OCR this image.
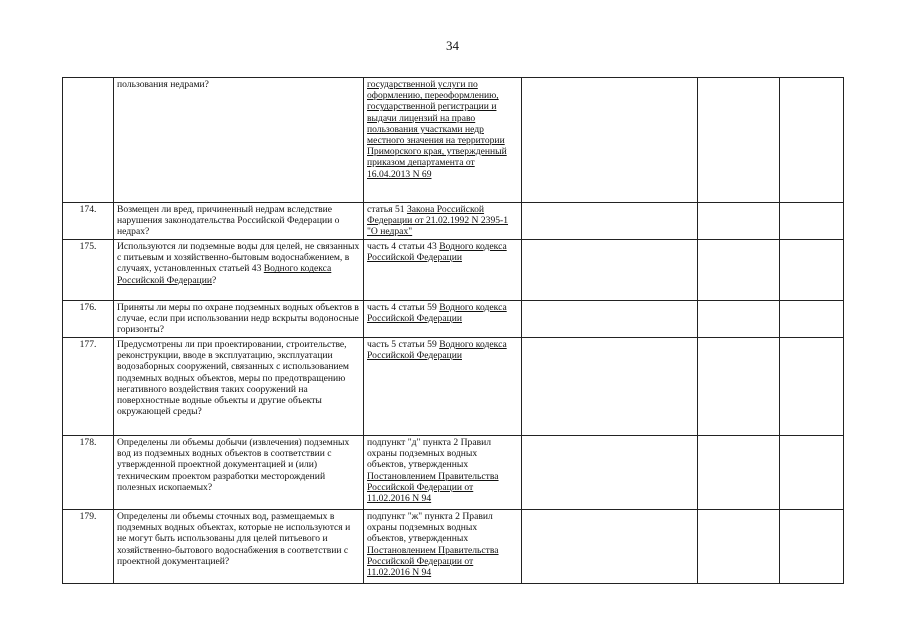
34
	пользования недрами?	государственной услуги по оформлению, переоформлению, государственной регистрации и выдачи лицензий на право пользования участками недр местного значения на территории Приморского края, утвержденный приказом департамента от 16.04.2013 N 69			
174.	Возмещен ли вред, причиненный недрам вследствие нарушения законодательства Российской Федерации о недрах?	статья 51 Закона Российской Федерации от 21.02.1992 N 2395-1 "О недрах"			
175.	Используются ли подземные воды для целей, не связанных с питьевым и хозяйственно-бытовым водоснабжением, в случаях, установленных статьей 43 Водного кодекса Российской Федерации?	часть 4 статьи 43 Водного кодекса Российской Федерации			
176.	Приняты ли меры по охране подземных водных объектов в случае, если при использовании недр вскрыты водоносные горизонты?	часть 4 статьи 59 Водного кодекса Российской Федерации			
177.	Предусмотрены ли при проектировании, строительстве, реконструкции, вводе в эксплуатацию, эксплуатации водозаборных сооружений, связанных с использованием подземных водных объектов, меры по предотвращению негативного воздействия таких сооружений на поверхностные водные объекты и другие объекты окружающей среды?	часть 5 статьи 59 Водного кодекса Российской Федерации			
178.	Определены ли объемы добычи (извлечения) подземных вод из подземных водных объектов в соответствии с утвержденной проектной документацией и (или) техническим проектом разработки месторождений полезных ископаемых?	подпункт "д" пункта 2 Правил охраны подземных водных объектов, утвержденных Постановлением Правительства Российской Федерации от 11.02.2016 N 94			
179.	Определены ли объемы сточных вод, размещаемых в подземных водных объектах, которые не используются и не могут быть использованы для целей питьевого и хозяйственно-бытового водоснабжения в соответствии с проектной документацией?	подпункт "ж" пункта 2 Правил охраны подземных водных объектов, утвержденных Постановлением Правительства Российской Федерации от 11.02.2016 N 94			
